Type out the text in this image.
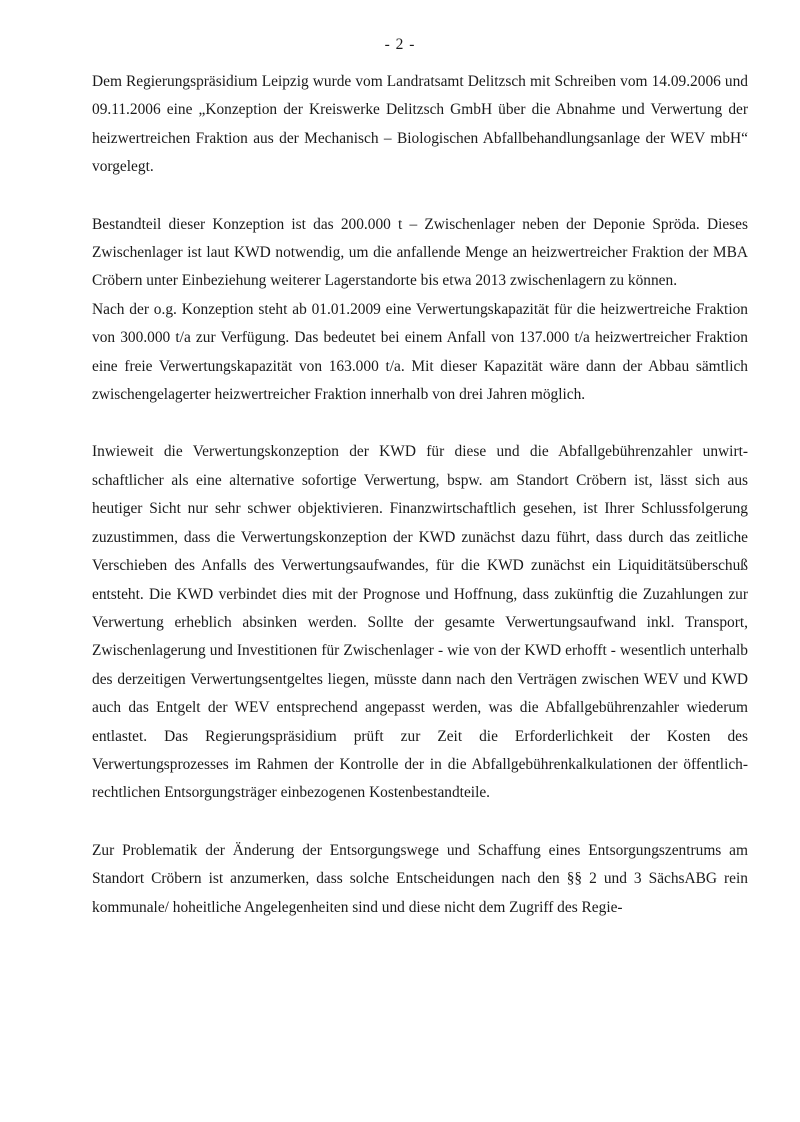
- 2 -

Dem Regierungspräsidium Leipzig wurde vom Landratsamt Delitzsch mit Schreiben vom 14.09.2006 und 09.11.2006 eine „Konzeption der Kreiswerke Delitzsch GmbH über die Abnahme und Verwertung der heizwertreichen Fraktion aus der Mechanisch – Biologischen Abfallbehandlungsanlage der WEV mbH“ vorgelegt.

Bestandteil dieser Konzeption ist das 200.000 t – Zwischenlager neben der Deponie Spröda. Dieses Zwischenlager ist laut KWD notwendig, um die anfallende Menge an heizwertreicher Fraktion der MBA Cröbern unter Einbeziehung weiterer Lagerstandorte bis etwa 2013 zwischenlagern zu können.

Nach der o.g. Konzeption steht ab 01.01.2009 eine Verwertungskapazität für die heizwertreiche Fraktion von 300.000 t/a zur Verfügung. Das bedeutet bei einem Anfall von 137.000 t/a heizwertreicher Fraktion eine freie Verwertungskapazität von 163.000 t/a. Mit dieser Kapazität wäre dann der Abbau sämtlich zwischengelagerter heizwertreicher Fraktion innerhalb von drei Jahren möglich.

Inwieweit die Verwertungskonzeption der KWD für diese und die Abfallgebührenzahler unwirtschaftlicher als eine alternative sofortige Verwertung, bspw. am Standort Cröbern ist, lässt sich aus heutiger Sicht nur sehr schwer objektivieren. Finanzwirtschaftlich gesehen, ist Ihrer Schlussfolgerung zuzustimmen, dass die Verwertungskonzeption der KWD zunächst dazu führt, dass durch das zeitliche Verschieben des Anfalls des Verwertungsaufwandes, für die KWD zunächst ein Liquiditätsüberschuß entsteht. Die KWD verbindet dies mit der Prognose und Hoffnung, dass zukünftig die Zuzahlungen zur Verwertung erheblich absinken werden. Sollte der gesamte Verwertungsaufwand inkl. Transport, Zwischenlagerung und Investitionen für Zwischenlager - wie von der KWD erhofft - wesentlich unterhalb des derzeitigen Verwertungsentgeltes liegen, müsste dann nach den Verträgen zwischen WEV und KWD auch das Entgelt der WEV entsprechend angepasst werden, was die Abfallgebührenzahler wiederum entlastet. Das Regierungspräsidium prüft zur Zeit die Erforderlichkeit der Kosten des Verwertungsprozesses im Rahmen der Kontrolle der in die Abfallgebührenkalkulationen der öffentlich-rechtlichen Entsorgungsträger einbezogenen Kostenbestandteile.

Zur Problematik der Änderung der Entsorgungswege und Schaffung eines Entsorgungszentrums am Standort Cröbern ist anzumerken, dass solche Entscheidungen nach den §§ 2 und 3 SächsABG rein kommunale/ hoheitliche Angelegenheiten sind und diese nicht dem Zugriff des Regie-
